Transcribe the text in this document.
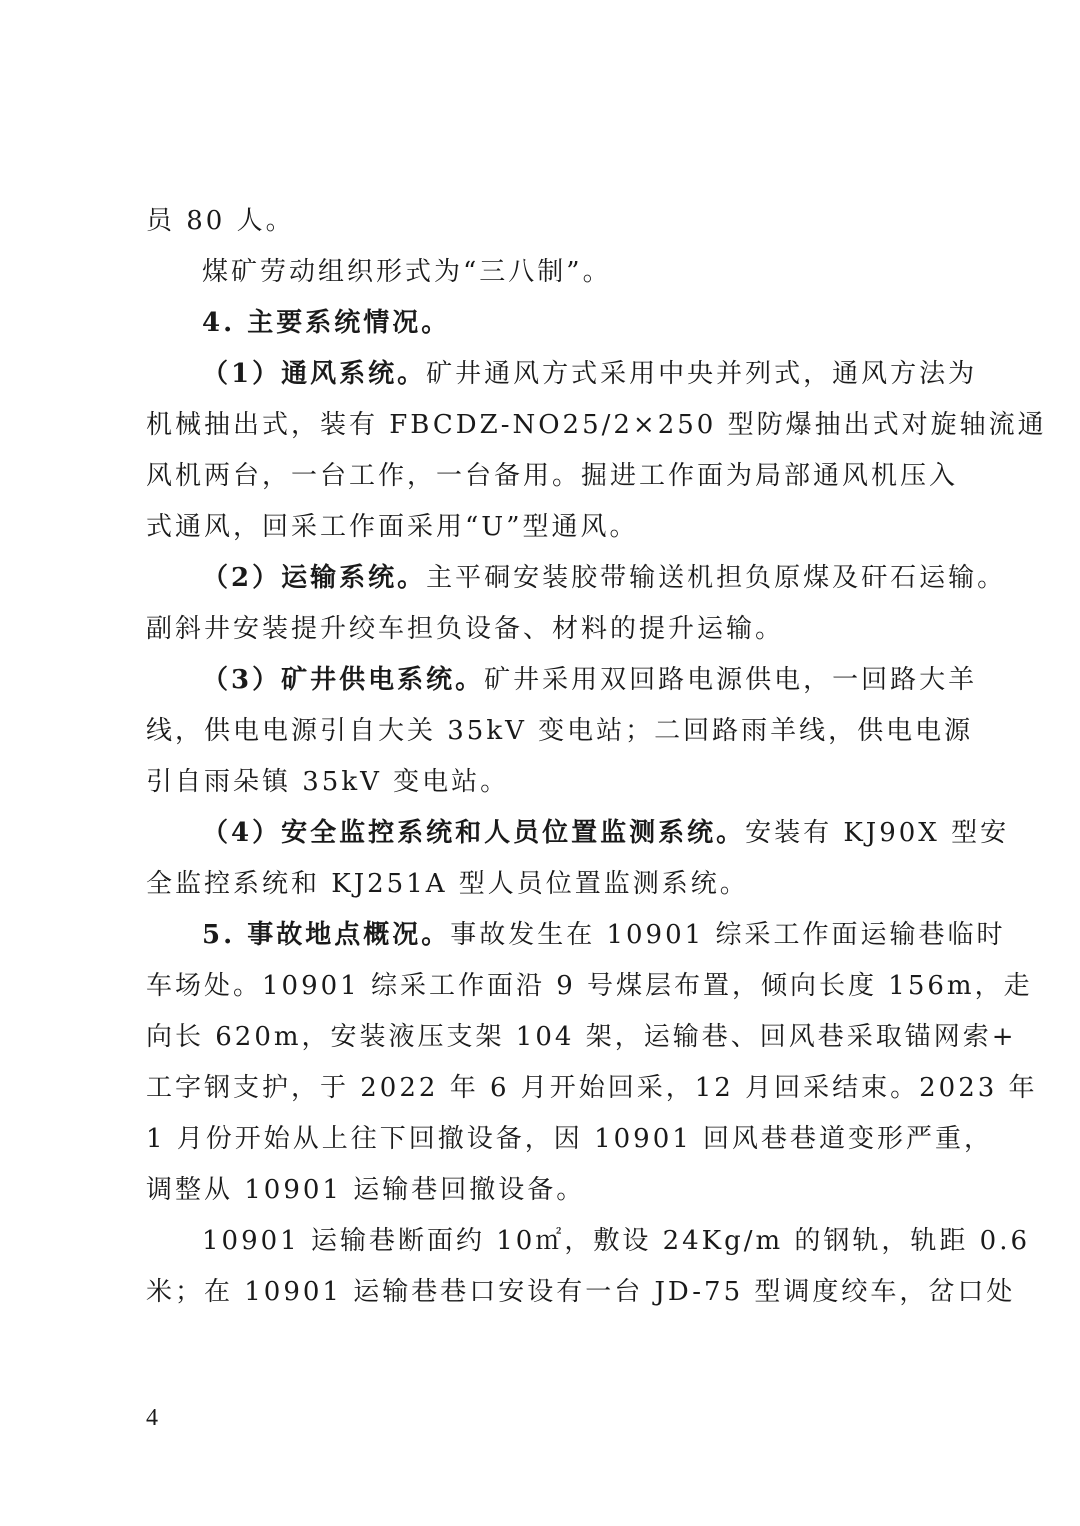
员 80 人。
煤矿劳动组织形式为“三八制”。
4. 主要系统情况。
（1）通风系统。矿井通风方式采用中央并列式，通风方法为
机械抽出式，装有 FBCDZ-NO25/2×250 型防爆抽出式对旋轴流通
风机两台，一台工作，一台备用。掘进工作面为局部通风机压入
式通风，回采工作面采用“U”型通风。
（2）运输系统。主平硐安装胶带输送机担负原煤及矸石运输。
副斜井安装提升绞车担负设备、材料的提升运输。
（3）矿井供电系统。矿井采用双回路电源供电，一回路大羊
线，供电电源引自大关 35kV 变电站；二回路雨羊线，供电电源
引自雨朵镇 35kV 变电站。
（4）安全监控系统和人员位置监测系统。安装有 KJ90X 型安
全监控系统和 KJ251A 型人员位置监测系统。
5. 事故地点概况。事故发生在 10901 综采工作面运输巷临时
车场处。10901 综采工作面沿 9 号煤层布置，倾向长度 156m，走
向长 620m，安装液压支架 104 架，运输巷、回风巷采取锚网索+
工字钢支护，于 2022 年 6 月开始回采，12 月回采结束。2023 年
1 月份开始从上往下回撤设备，因 10901 回风巷巷道变形严重，
调整从 10901 运输巷回撤设备。
10901 运输巷断面约 10㎡，敷设 24Kg/m 的钢轨，轨距 0.6
米；在 10901 运输巷巷口安设有一台 JD-75 型调度绞车，岔口处
4
